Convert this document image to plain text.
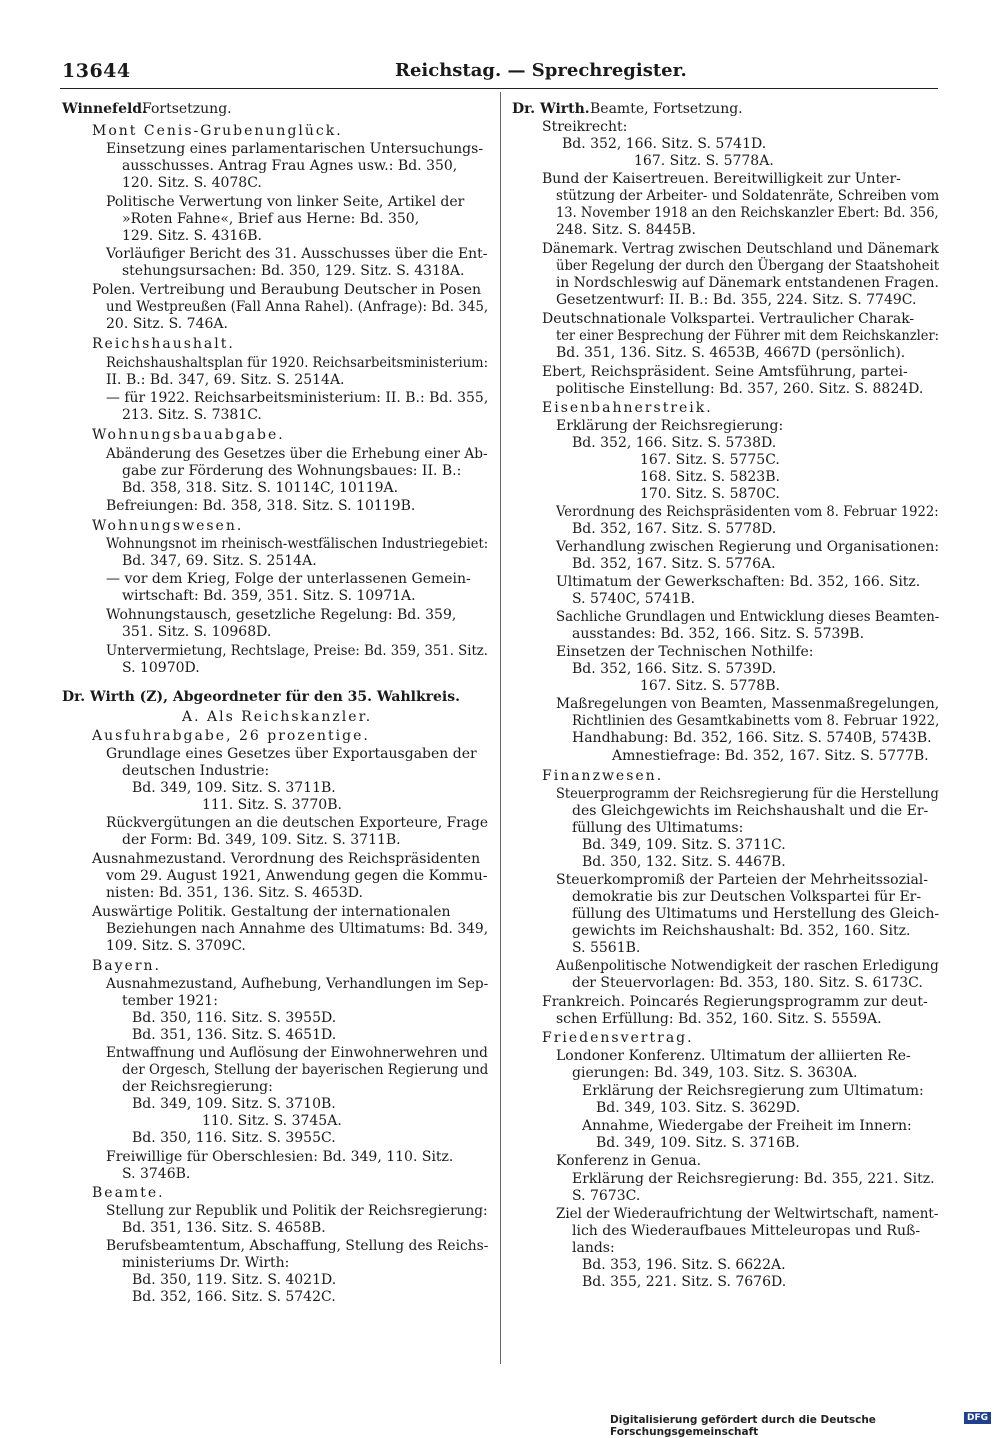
13644	Reichstag. — Sprechregister.
Winnefeld.
Fortsetzung.
Mont Cenis-Grubenunglück.
Einsetzung eines parlamentarischen Untersuchungs-
ausschusses. Antrag Frau Agnes usw.: Bd. 350,
120. Sitz. S. 4078C.
Politische Verwertung von linker Seite, Artikel der
»Roten Fahne«, Brief aus Herne: Bd. 350,
129. Sitz. S. 4316B.
Vorläufiger Bericht des 31. Ausschusses über die Ent-
stehungsursachen: Bd. 350, 129. Sitz. S. 4318A.
Polen. Vertreibung und Beraubung Deutscher in Posen
und Westpreußen (Fall Anna Rahel). (Anfrage): Bd. 345,
20. Sitz. S. 746A.
Reichshaushalt.
Reichshaushaltsplan für 1920. Reichsarbeitsministerium:
II. B.: Bd. 347, 69. Sitz. S. 2514A.
— für 1922. Reichsarbeitsministerium: II. B.: Bd. 355,
213. Sitz. S. 7381C.
Wohnungsbauabgabe.
Abänderung des Gesetzes über die Erhebung einer Ab-
gabe zur Förderung des Wohnungsbaues: II. B.:
Bd. 358, 318. Sitz. S. 10114C, 10119A.
Befreiungen: Bd. 358, 318. Sitz. S. 10119B.
Wohnungswesen.
Wohnungsnot im rheinisch-westfälischen Industriegebiet:
Bd. 347, 69. Sitz. S. 2514A.
— vor dem Krieg, Folge der unterlassenen Gemein-
wirtschaft: Bd. 359, 351. Sitz. S. 10971A.
Wohnungstausch, gesetzliche Regelung: Bd. 359,
351. Sitz. S. 10968D.
Untervermietung, Rechtslage, Preise: Bd. 359, 351. Sitz.
S. 10970D.
Dr. Wirth (Z), Abgeordneter für den 35. Wahlkreis.
A. Als Reichskanzler.
Ausfuhrabgabe, 26 prozentige.
Grundlage eines Gesetzes über Exportausgaben der
deutschen Industrie:
Bd. 349, 109. Sitz. S. 3711B.
111. Sitz. S. 3770B.
Rückvergütungen an die deutschen Exporteure, Frage
der Form: Bd. 349, 109. Sitz. S. 3711B.
Ausnahmezustand. Verordnung des Reichspräsidenten
vom 29. August 1921, Anwendung gegen die Kommu-
nisten: Bd. 351, 136. Sitz. S. 4653D.
Auswärtige Politik. Gestaltung der internationalen
Beziehungen nach Annahme des Ultimatums: Bd. 349,
109. Sitz. S. 3709C.
Bayern.
Ausnahmezustand, Aufhebung, Verhandlungen im Sep-
tember 1921:
Bd. 350, 116. Sitz. S. 3955D.
Bd. 351, 136. Sitz. S. 4651D.
Entwaffnung und Auflösung der Einwohnerwehren und
der Orgesch, Stellung der bayerischen Regierung und
der Reichsregierung:
Bd. 349, 109. Sitz. S. 3710B.
110. Sitz. S. 3745A.
Bd. 350, 116. Sitz. S. 3955C.
Freiwillige für Oberschlesien: Bd. 349, 110. Sitz.
S. 3746B.
Beamte.
Stellung zur Republik und Politik der Reichsregierung:
Bd. 351, 136. Sitz. S. 4658B.
Berufsbeamtentum, Abschaffung, Stellung des Reichs-
ministeriums Dr. Wirth:
Bd. 350, 119. Sitz. S. 4021D.
Bd. 352, 166. Sitz. S. 5742C.
Dr. Wirth. Beamte, Fortsetzung.
Streikrecht:
Bd. 352, 166. Sitz. S. 5741D.
167. Sitz. S. 5778A.
Bund der Kaisertreuen. Bereitwilligkeit zur Unter-
stützung der Arbeiter- und Soldatenräte, Schreiben vom
13. November 1918 an den Reichskanzler Ebert: Bd. 356,
248. Sitz. S. 8445B.
Dänemark. Vertrag zwischen Deutschland und Dänemark
über Regelung der durch den Übergang der Staatshoheit
in Nordschleswig auf Dänemark entstandenen Fragen.
Gesetzentwurf: II. B.: Bd. 355, 224. Sitz. S. 7749C.
Deutschnationale Volkspartei. Vertraulicher Charak-
ter einer Besprechung der Führer mit dem Reichskanzler:
Bd. 351, 136. Sitz. S. 4653B, 4667D (persönlich).
Ebert, Reichspräsident. Seine Amtsführung, partei-
politische Einstellung: Bd. 357, 260. Sitz. S. 8824D.
Eisenbahnerstreik.
Erklärung der Reichsregierung:
Bd. 352, 166. Sitz. S. 5738D.
167. Sitz. S. 5775C.
168. Sitz. S. 5823B.
170. Sitz. S. 5870C.
Verordnung des Reichspräsidenten vom 8. Februar 1922:
Bd. 352, 167. Sitz. S. 5778D.
Verhandlung zwischen Regierung und Organisationen:
Bd. 352, 167. Sitz. S. 5776A.
Ultimatum der Gewerkschaften: Bd. 352, 166. Sitz.
S. 5740C, 5741B.
Sachliche Grundlagen und Entwicklung dieses Beamten-
ausstandes: Bd. 352, 166. Sitz. S. 5739B.
Einsetzen der Technischen Nothilfe:
Bd. 352, 166. Sitz. S. 5739D.
167. Sitz. S. 5778B.
Maßregelungen von Beamten, Massenmaßregelungen,
Richtlinien des Gesamtkabinetts vom 8. Februar 1922,
Handhabung: Bd. 352, 166. Sitz. S. 5740B, 5743B.
Amnestiefrage: Bd. 352, 167. Sitz. S. 5777B.
Finanzwesen.
Steuerprogramm der Reichsregierung für die Herstellung
des Gleichgewichts im Reichshaushalt und die Er-
füllung des Ultimatums:
Bd. 349, 109. Sitz. S. 3711C.
Bd. 350, 132. Sitz. S. 4467B.
Steuerkompromiß der Parteien der Mehrheitssozial-
demokratie bis zur Deutschen Volkspartei für Er-
füllung des Ultimatums und Herstellung des Gleich-
gewichts im Reichshaushalt: Bd. 352, 160. Sitz.
S. 5561B.
Außenpolitische Notwendigkeit der raschen Erledigung
der Steuervorlagen: Bd. 353, 180. Sitz. S. 6173C.
Frankreich. Poincarés Regierungsprogramm zur deut-
schen Erfüllung: Bd. 352, 160. Sitz. S. 5559A.
Friedensvertrag.
Londoner Konferenz. Ultimatum der alliierten Re-
gierungen: Bd. 349, 103. Sitz. S. 3630A.
Erklärung der Reichsregierung zum Ultimatum:
Bd. 349, 103. Sitz. S. 3629D.
Annahme, Wiedergabe der Freiheit im Innern:
Bd. 349, 109. Sitz. S. 3716B.
Konferenz in Genua.
Erklärung der Reichsregierung: Bd. 355, 221. Sitz.
S. 7673C.
Ziel der Wiederaufrichtung der Weltwirtschaft, nament-
lich des Wiederaufbaues Mitteleuropas und Ruß-
lands:
Bd. 353, 196. Sitz. S. 6622A.
Bd. 355, 221. Sitz. S. 7676D.
Digitalisierung gefördert durch die Deutsche Forschungsgemeinschaft
DFG
